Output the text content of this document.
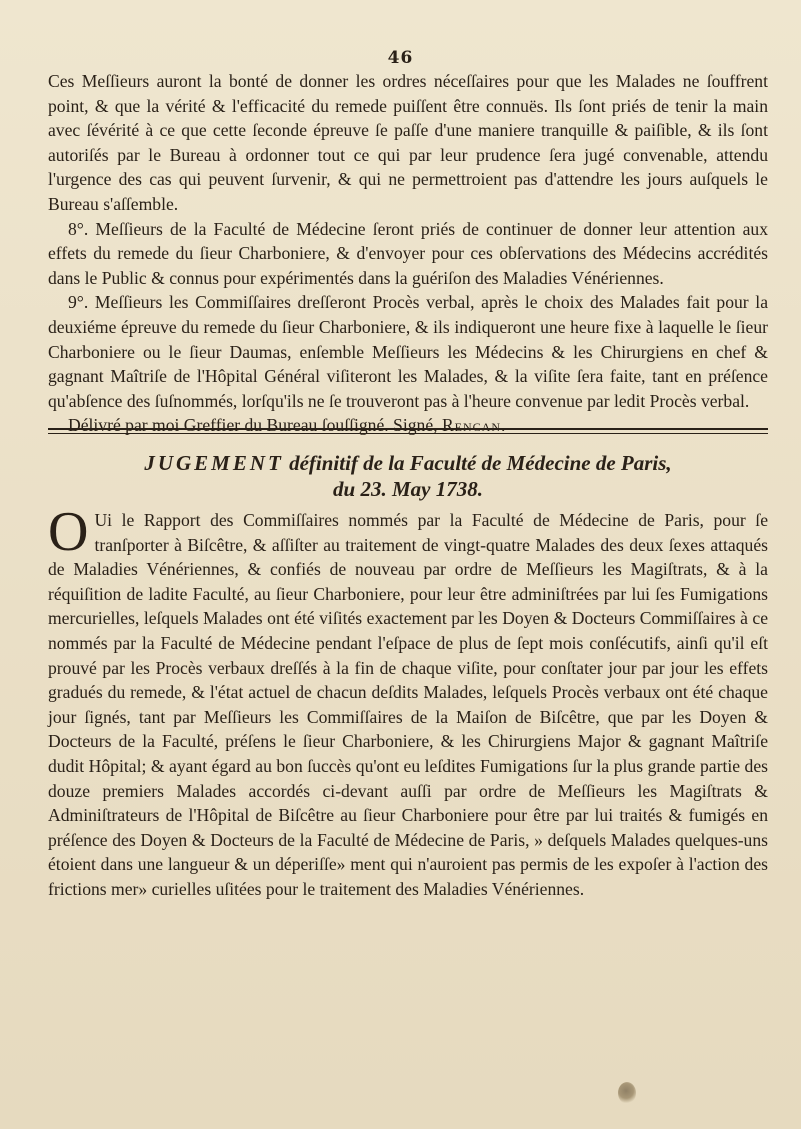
46

Ces Meſſieurs auront la bonté de donner les ordres néceſſaires pour que les Malades ne ſouffrent point, & que la vérité & l'efficacité du remede puiſſent être connuës. Ils ſont priés de tenir la main avec ſévérité à ce que cette ſeconde épreuve ſe paſſe d'une maniere tranquille & paiſible, & ils ſont autoriſés par le Bureau à ordonner tout ce qui par leur prudence ſera jugé convenable, attendu l'urgence des cas qui peuvent ſurvenir, & qui ne permettroient pas d'attendre les jours auſquels le Bureau s'aſſemble.

8°. Meſſieurs de la Faculté de Médecine ſeront priés de continuer de donner leur attention aux effets du remede du ſieur Charboniere, & d'envoyer pour ces obſervations des Médecins accrédités dans le Public & connus pour expérimentés dans la guériſon des Maladies Vénériennes.

9°. Meſſieurs les Commiſſaires dreſſeront Procès verbal, après le choix des Malades fait pour la deuxiéme épreuve du remede du ſieur Charboniere, & ils indiqueront une heure fixe à laquelle le ſieur Charboniere ou le ſieur Daumas, enſemble Meſſieurs les Médecins & les Chirurgiens en chef & gagnant Maîtriſe de l'Hôpital Général viſiteront les Malades, & la viſite ſera faite, tant en préſence qu'abſence des ſuſnommés, lorſqu'ils ne ſe trouveront pas à l'heure convenue par ledit Procès verbal.

Délivré par moi Greffier du Bureau ſouſſigné. Signé, Rencan.

JUGEMENT définitif de la Faculté de Médecine de Paris,
du 23. May 1738.

O Ui le Rapport des Commiſſaires nommés par la Faculté de Médecine de Paris, pour ſe tranſporter à Biſcêtre, & aſſiſter au traitement de vingt-quatre Malades des deux ſexes attaqués de Maladies Vénériennes, & confiés de nouveau par ordre de Meſſieurs les Magiſtrats, & à la réquiſition de ladite Faculté, au ſieur Charboniere, pour leur être adminiſtrées par lui ſes Fumigations mercurielles, leſquels Malades ont été viſités exactement par les Doyen & Docteurs Commiſſaires à ce nommés par la Faculté de Médecine pendant l'eſpace de plus de ſept mois conſécutifs, ainſi qu'il eſt prouvé par les Procès verbaux dreſſés à la fin de chaque viſite, pour conſtater jour par jour les effets gradués du remede, & l'état actuel de chacun deſdits Malades, leſquels Procès verbaux ont été chaque jour ſignés, tant par Meſſieurs les Commiſſaires de la Maiſon de Biſcêtre, que par les Doyen & Docteurs de la Faculté, préſens le ſieur Charboniere, & les Chirurgiens Major & gagnant Maîtriſe dudit Hôpital; & ayant égard au bon ſuccès qu'ont eu leſdites Fumigations ſur la plus grande partie des douze premiers Malades accordés ci-devant auſſi par ordre de Meſſieurs les Magiſtrats & Adminiſtrateurs de l'Hôpital de Biſcêtre au ſieur Charboniere pour être par lui traités & fumigés en préſence des Doyen & Docteurs de la Faculté de Médecine de Paris, » deſquels Malades quelques-uns étoient dans une langueur & un déperiſſe» ment qui n'auroient pas permis de les expoſer à l'action des frictions mer» curielles uſitées pour le traitement des Maladies Vénériennes.
